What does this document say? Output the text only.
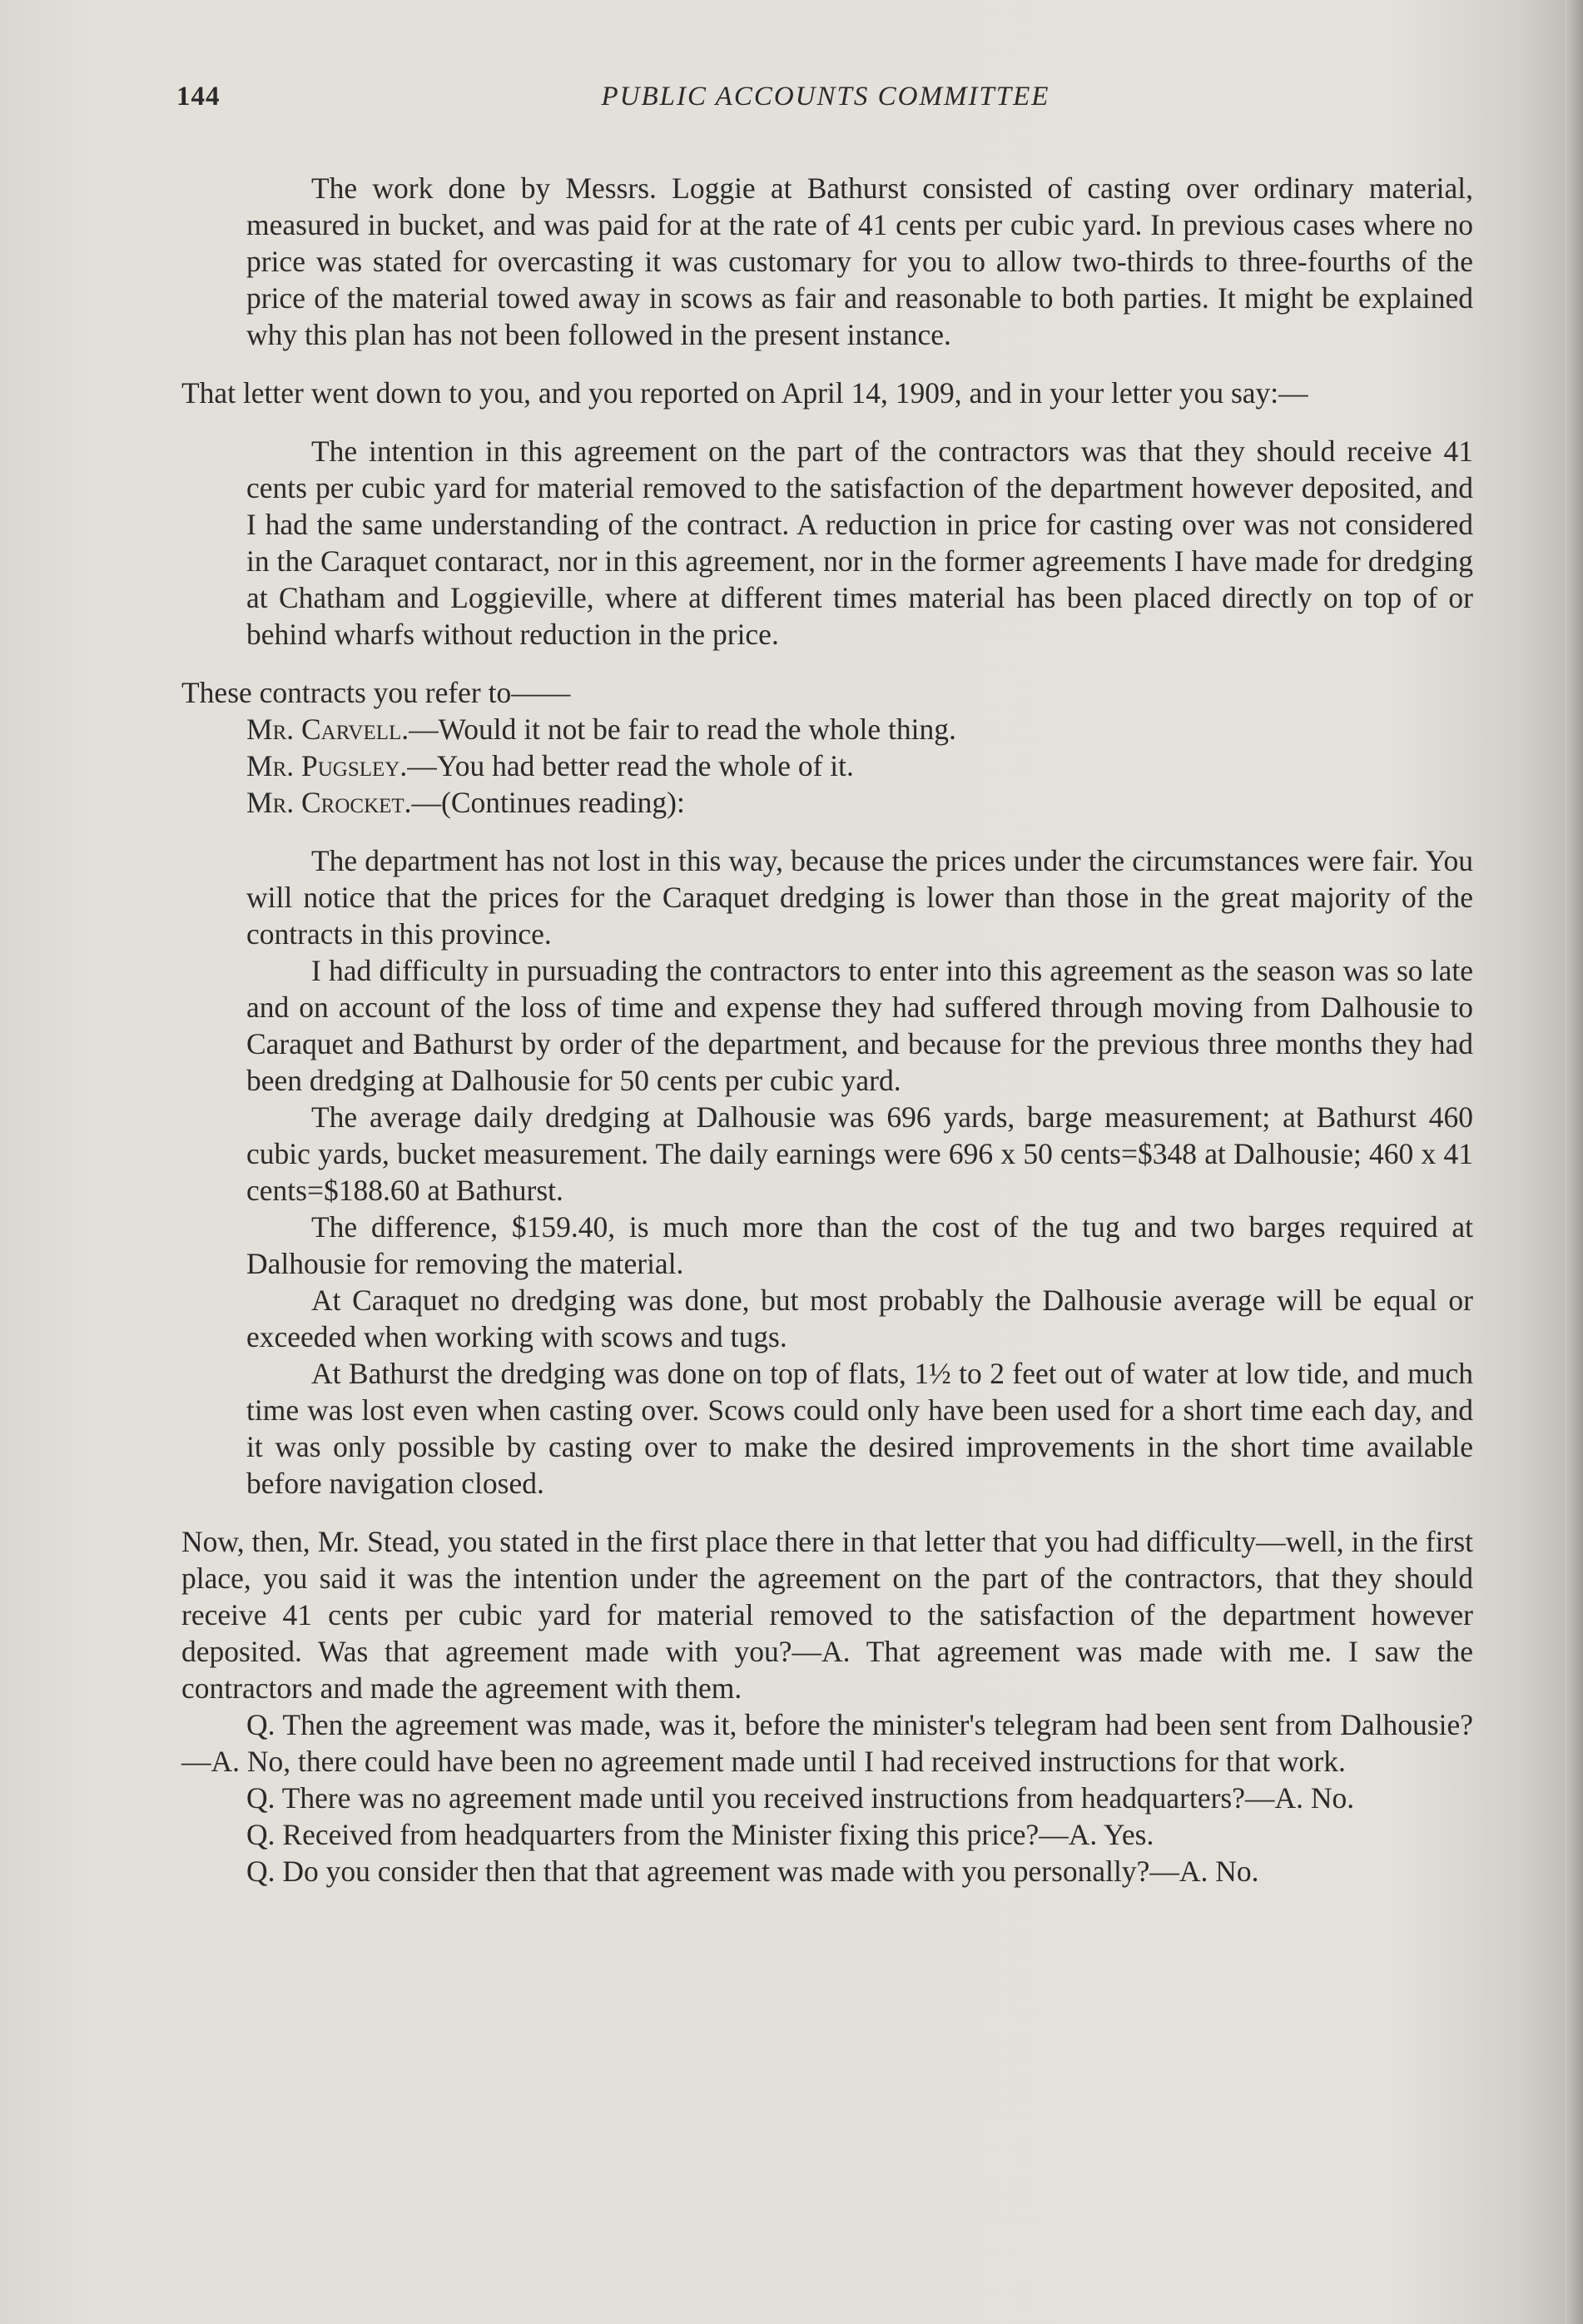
144	PUBLIC ACCOUNTS COMMITTEE

The work done by Messrs. Loggie at Bathurst consisted of casting over ordinary material, measured in bucket, and was paid for at the rate of 41 cents per cubic yard. In previous cases where no price was stated for overcasting it was customary for you to allow two-thirds to three-fourths of the price of the material towed away in scows as fair and reasonable to both parties. It might be explained why this plan has not been followed in the present instance.

That letter went down to you, and you reported on April 14, 1909, and in your letter you say:—

The intention in this agreement on the part of the contractors was that they should receive 41 cents per cubic yard for material removed to the satisfaction of the department however deposited, and I had the same understanding of the contract. A reduction in price for casting over was not considered in the Caraquet contaract, nor in this agreement, nor in the former agreements I have made for dredging at Chatham and Loggieville, where at different times material has been placed directly on top of or behind wharfs without reduction in the price.

These contracts you refer to——

Mr. Carvell.—Would it not be fair to read the whole thing.

Mr. Pugsley.—You had better read the whole of it.

Mr. Crocket.—(Continues reading):

The department has not lost in this way, because the prices under the circumstances were fair. You will notice that the prices for the Caraquet dredging is lower than those in the great majority of the contracts in this province.

I had difficulty in pursuading the contractors to enter into this agreement as the season was so late and on account of the loss of time and expense they had suffered through moving from Dalhousie to Caraquet and Bathurst by order of the department, and because for the previous three months they had been dredging at Dalhousie for 50 cents per cubic yard.

The average daily dredging at Dalhousie was 696 yards, barge measurement; at Bathurst 460 cubic yards, bucket measurement. The daily earnings were 696 x 50 cents=$348 at Dalhousie; 460 x 41 cents=$188.60 at Bathurst.

The difference, $159.40, is much more than the cost of the tug and two barges required at Dalhousie for removing the material.

At Caraquet no dredging was done, but most probably the Dalhousie average will be equal or exceeded when working with scows and tugs.

At Bathurst the dredging was done on top of flats, 1½ to 2 feet out of water at low tide, and much time was lost even when casting over. Scows could only have been used for a short time each day, and it was only possible by casting over to make the desired improvements in the short time available before navigation closed.

Now, then, Mr. Stead, you stated in the first place there in that letter that you had difficulty—well, in the first place, you said it was the intention under the agreement on the part of the contractors, that they should receive 41 cents per cubic yard for material removed to the satisfaction of the department however deposited. Was that agreement made with you?—A. That agreement was made with me. I saw the contractors and made the agreement with them.

Q. Then the agreement was made, was it, before the minister's telegram had been sent from Dalhousie?—A. No, there could have been no agreement made until I had received instructions for that work.

Q. There was no agreement made until you received instructions from headquarters?—A. No.

Q. Received from headquarters from the Minister fixing this price?—A. Yes.

Q. Do you consider then that that agreement was made with you personally?—A. No.
